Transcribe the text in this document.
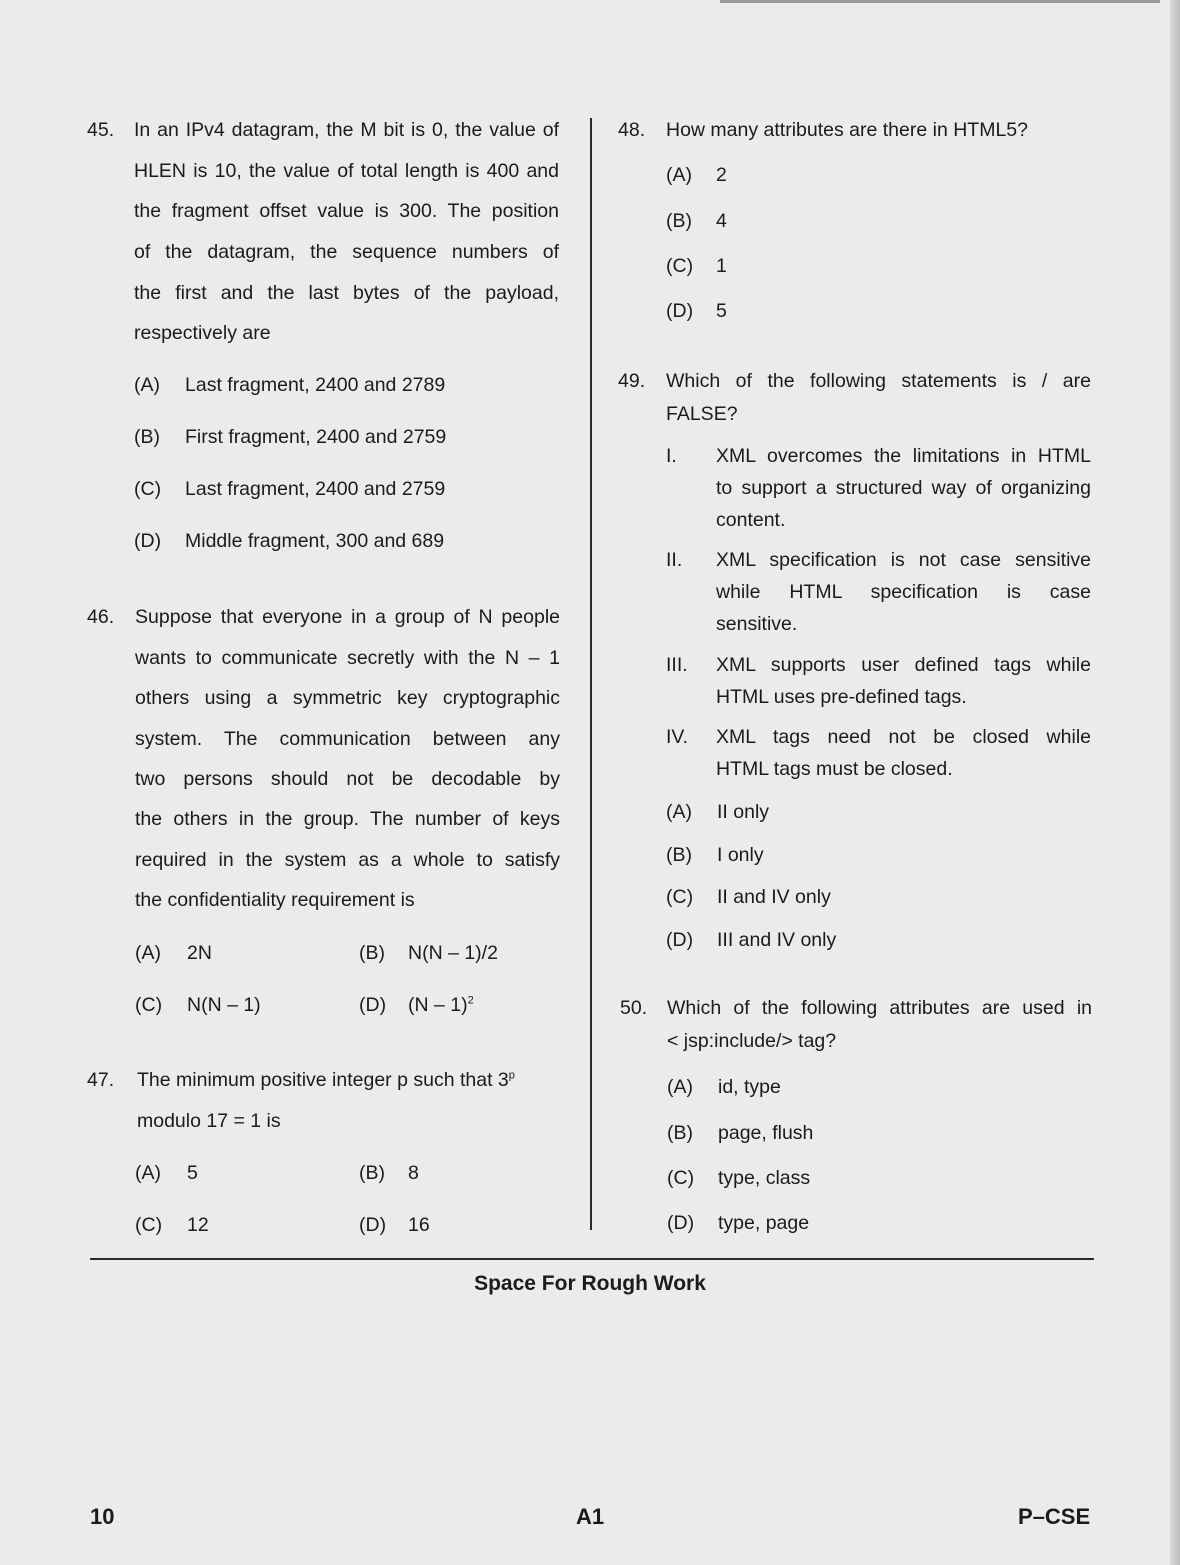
45. In an IPv4 datagram, the M bit is 0, the value of
HLEN is 10, the value of total length is 400 and
the fragment offset value is 300. The position
of the datagram, the sequence numbers of
the first and the last bytes of the payload,
respectively are
(A) Last fragment, 2400 and 2789
(B) First fragment, 2400 and 2759
(C) Last fragment, 2400 and 2759
(D) Middle fragment, 300 and 689
46. Suppose that everyone in a group of N people
wants to communicate secretly with the N – 1
others using a symmetric key cryptographic
system. The communication between any
two persons should not be decodable by
the others in the group. The number of keys
required in the system as a whole to satisfy
the confidentiality requirement is
(A) 2N	(B) N(N – 1)/2
(C) N(N – 1)	(D) (N – 1)$^2$
47. The minimum positive integer p such that 3$^p$
modulo 17 = 1 is
(A) 5	(B) 8
(C) 12	(D) 16
48. How many attributes are there in HTML5?
(A) 2
(B) 4
(C) 1
(D) 5
49. Which of the following statements is / are
FALSE?
I. XML overcomes the limitations in HTML
to support a structured way of organizing
content.
II. XML specification is not case sensitive
while HTML specification is case
sensitive.
III. XML supports user defined tags while
HTML uses pre-defined tags.
IV. XML tags need not be closed while
HTML tags must be closed.
(A) II only
(B) I only
(C) II and IV only
(D) III and IV only
50. Which of the following attributes are used in
< jsp:include/> tag?
(A) id, type
(B) page, flush
(C) type, class
(D) type, page
Space For Rough Work
10	A1	P–CSE
